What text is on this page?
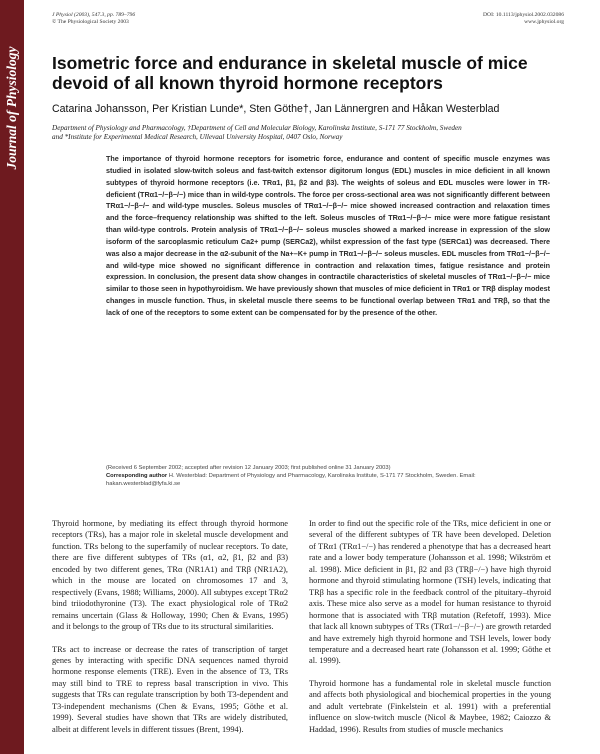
Journal of Physiology
J Physiol (2003), 547.3, pp. 789–796
© The Physiological Society 2003
DOI: 10.1113/jphysiol.2002.032086
www.jphysiol.org
Isometric force and endurance in skeletal muscle of mice
devoid of all known thyroid hormone receptors
Catarina Johansson, Per Kristian Lunde*, Sten Göthe†, Jan Lännergren and Håkan Westerblad
Department of Physiology and Pharmacology, †Department of Cell and Molecular Biology, Karolinska Institute, S-171 77 Stockholm, Sweden
and *Institute for Experimental Medical Research, Ullevaal University Hospital, 0407 Oslo, Norway
The importance of thyroid hormone receptors for isometric force, endurance and content of specific muscle enzymes was studied in isolated slow-twitch soleus and fast-twitch extensor digitorum longus (EDL) muscles in mice deficient in all known subtypes of thyroid hormone receptors (i.e. TRα1, β1, β2 and β3). The weights of soleus and EDL muscles were lower in TR-deficient (TRα1−/−β−/−) mice than in wild-type controls. The force per cross-sectional area was not significantly different between TRα1−/−β−/− and wild-type muscles. Soleus muscles of TRα1−/−β−/− mice showed increased contraction and relaxation times and the force–frequency relationship was shifted to the left. Soleus muscles of TRα1−/−β−/− mice were more fatigue resistant than wild-type controls. Protein analysis of TRα1−/−β−/− soleus muscles showed a marked increase in expression of the slow isoform of the sarcoplasmic reticulum Ca2+ pump (SERCa2), whilst expression of the fast type (SERCa1) was decreased. There was also a major decrease in the α2-subunit of the Na+–K+ pump in TRα1−/−β−/− soleus muscles. EDL muscles from TRα1−/−β−/− and wild-type mice showed no significant difference in contraction and relaxation times, fatigue resistance and protein expression. In conclusion, the present data show changes in contractile characteristics of skeletal muscles of TRα1−/−β−/− mice similar to those seen in hypothyroidism. We have previously shown that muscles of mice deficient in TRα1 or TRβ display modest changes in muscle function. Thus, in skeletal muscle there seems to be functional overlap between TRα1 and TRβ, so that the lack of one of the receptors to some extent can be compensated for by the presence of the other.
(Received 6 September 2002; accepted after revision 12 January 2003; first published online 31 January 2003)
Corresponding author H. Westerblad: Department of Physiology and Pharmacology, Karolinska Institute, S-171 77 Stockholm, Sweden. Email: hakan.westerblad@fyfa.ki.se

Thyroid hormone, by mediating its effect through thyroid hormone receptors (TRs), has a major role in skeletal muscle development and function. TRs belong to the superfamily of nuclear receptors. To date, there are five different subtypes of TRs (α1, α2, β1, β2 and β3) encoded by two different genes, TRα (NR1A1) and TRβ (NR1A2), which in the mouse are located on chromosomes 17 and 3, respectively (Evans, 1988; Williams, 2000). All subtypes except TRα2 bind triiodothyronine (T3). The exact physiological role of TRα2 remains uncertain (Glass & Holloway, 1990; Chen & Evans, 1995) and it belongs to the group of TRs due to its structural similarities.

TRs act to increase or decrease the rates of transcription of target genes by interacting with specific DNA sequences named thyroid hormone response elements (TRE). Even in the absence of T3, TRs may still bind to TRE to repress basal transcription in vivo. This suggests that TRs can regulate transcription by both T3-dependent and T3-independent mechanisms (Chen & Evans, 1995; Göthe et al. 1999). Several studies have shown that TRs are widely distributed, albeit at different levels in different tissues (Brent, 1994).

In order to find out the specific role of the TRs, mice deficient in one or several of the different subtypes of TR have been developed. Deletion of TRα1 (TRα1−/−) has rendered a phenotype that has a decreased heart rate and a lower body temperature (Johansson et al. 1998; Wikström et al. 1998). Mice deficient in β1, β2 and β3 (TRβ−/−) have high thyroid hormone and thyroid stimulating hormone (TSH) levels, indicating that TRβ has a specific role in the feedback control of the pituitary–thyroid axis. These mice also serve as a model for human resistance to thyroid hormone that is associated with TRβ mutation (Refetoff, 1993). Mice that lack all known subtypes of TRs (TRα1−/−β−/−) are growth retarded and have extremely high thyroid hormone and TSH levels, lower body temperature and a decreased heart rate (Johansson et al. 1999; Göthe et al. 1999).

Thyroid hormone has a fundamental role in skeletal muscle function and affects both physiological and biochemical properties in the young and adult vertebrate (Finkelstein et al. 1991) with a preferential influence on slow-twitch muscle (Nicol & Maybee, 1982; Caiozzo & Haddad, 1996). Results from studies of muscle mechanics
